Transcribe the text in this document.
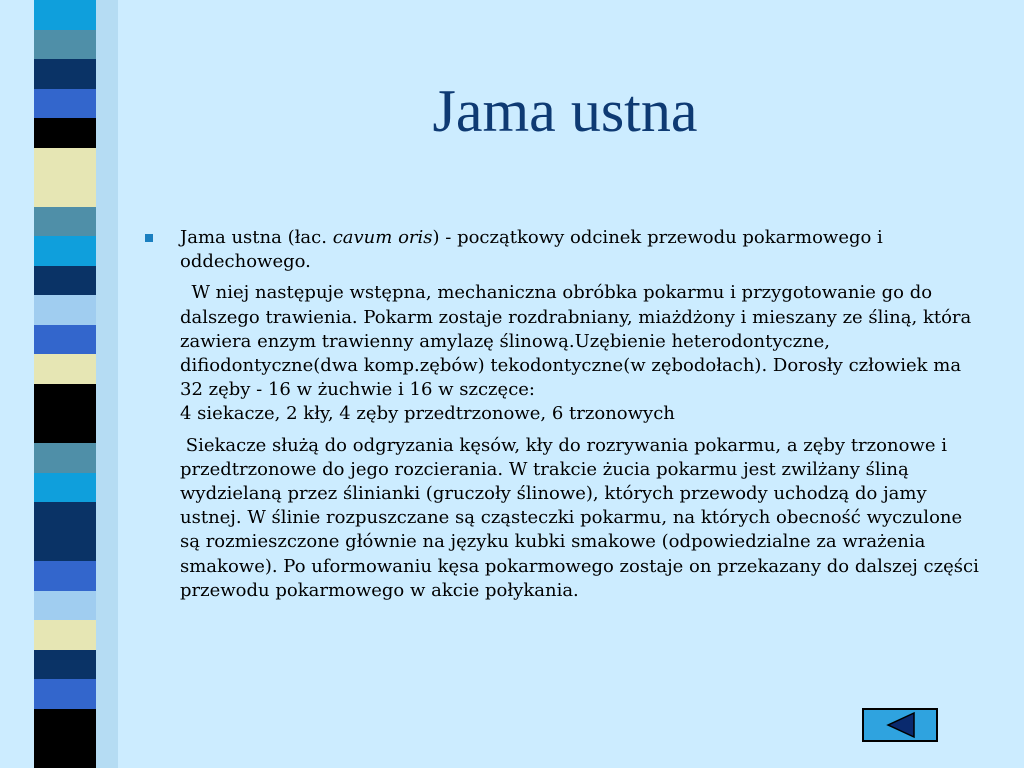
Jama ustna
Jama ustna (łac. cavum oris) - początkowy odcinek przewodu pokarmowego i oddechowego.
W niej następuje wstępna, mechaniczna obróbka pokarmu i przygotowanie go do dalszego trawienia. Pokarm zostaje rozdrabniany, miażdżony i mieszany ze śliną, która zawiera enzym trawienny amylazę ślinową.Uzębienie heterodontyczne, difiodontyczne(dwa komp.zębów) tekodontyczne(w zębodołach). Dorosły człowiek ma 32 zęby - 16 w żuchwie i 16 w szczęce:
4 siekacze, 2 kły, 4 zęby przedtrzonowe, 6 trzonowych
Siekacze służą do odgryzania kęsów, kły do rozrywania pokarmu, a zęby trzonowe i przedtrzonowe do jego rozcierania. W trakcie żucia pokarmu jest zwilżany śliną wydzielaną przez ślinianki (gruczoły ślinowe), których przewody uchodzą do jamy ustnej. W ślinie rozpuszczane są cząsteczki pokarmu, na których obecność wyczulone są rozmieszczone głównie na języku kubki smakowe (odpowiedzialne za wrażenia smakowe). Po uformowaniu kęsa pokarmowego zostaje on przekazany do dalszej części przewodu pokarmowego w akcie połykania.
